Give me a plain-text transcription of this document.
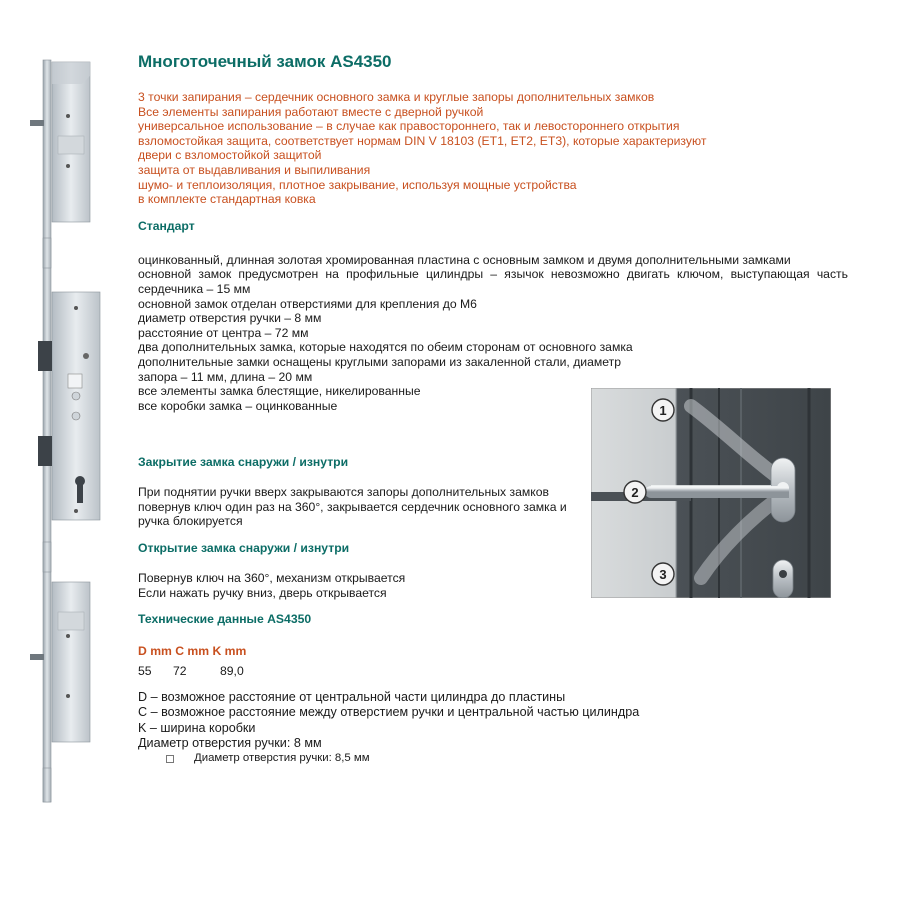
Многоточечный замок AS4350
3 точки запирания – сердечник основного замка и круглые запоры дополнительных замков
Все элементы запирания работают вместе с дверной ручкой
универсальное использование – в случае как правостороннего, так и левостороннего открытия
взломостойкая защита, соответствует нормам DIN V 18103 (ET1, ET2, ET3), которые характеризуют
двери с взломостойкой защитой
защита от выдавливания и выпиливания
шумо- и теплоизоляция, плотное закрывание, используя мощные устройства
в комплекте стандартная ковка
Стандарт
оцинкованный, длинная золотая хромированная пластина с основным замком и двумя дополнительными замками
основной замок предусмотрен на профильные цилиндры – язычок невозможно двигать ключом, выступающая часть
сердечника – 15 мм
основной замок отделан отверстиями для крепления до М6
диаметр отверстия ручки – 8 мм
расстояние от центра – 72 мм
два дополнительных замка, которые находятся по обеим сторонам от основного замка
дополнительные замки оснащены круглыми запорами из закаленной стали, диаметр
запора – 11 мм, длина – 20 мм
все элементы замка блестящие, никелированные
все коробки замка – оцинкованные
Закрытие замка снаружи / изнутри
При поднятии ручки вверх закрываются запоры дополнительных замков
повернув ключ один раз на 360°, закрывается сердечник основного замка и
ручка блокируется
Открытие замка снаружи / изнутри
Повернув ключ на 360°, механизм открывается
Если нажать ручку вниз, дверь открывается
Технические данные AS4350
D mm C mm K mm
55	72	89,0
D – возможное расстояние от центральной части цилиндра до пластины
C – возможное расстояние между отверстием ручки и центральной частью цилиндра
K – ширина коробки
Диаметр отверстия ручки: 8 мм
Диаметр отверстия ручки: 8,5 мм
1
2
3
